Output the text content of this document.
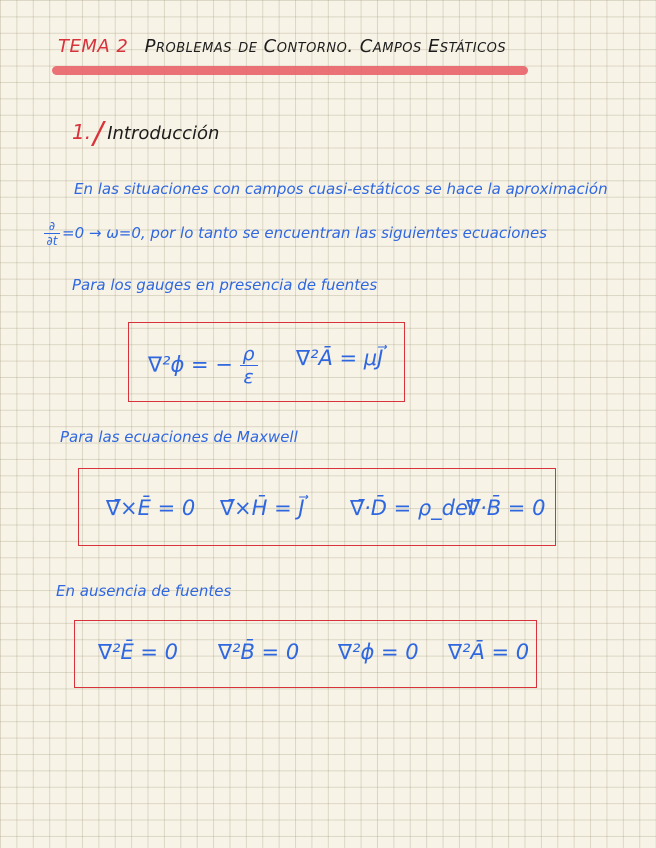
TEMA 2 Problemas de Contorno. Campos Estáticos
1./ Introducción
En las situaciones con campos cuasi-estáticos se hace la aproximación
$\frac{\partial}{\partial t} =0 \to \omega=0$, por lo tanto se encuentran las siguientes ecuaciones
Para los gauges en presencia de fuentes
∇²ϕ = − $\frac{\rho}{\varepsilon}$ ∇²Ā = μJ⃗
Para las ecuaciones de Maxwell
∇̄×Ē = 0 ∇̄×H̄ = J⃗ ∇̄·D̄ = ρ_del
∇̄·B̄ = 0
En ausencia de fuentes
∇²Ē = 0 ∇²B̄ = 0 ∇²ϕ = 0 ∇²Ā = 0
